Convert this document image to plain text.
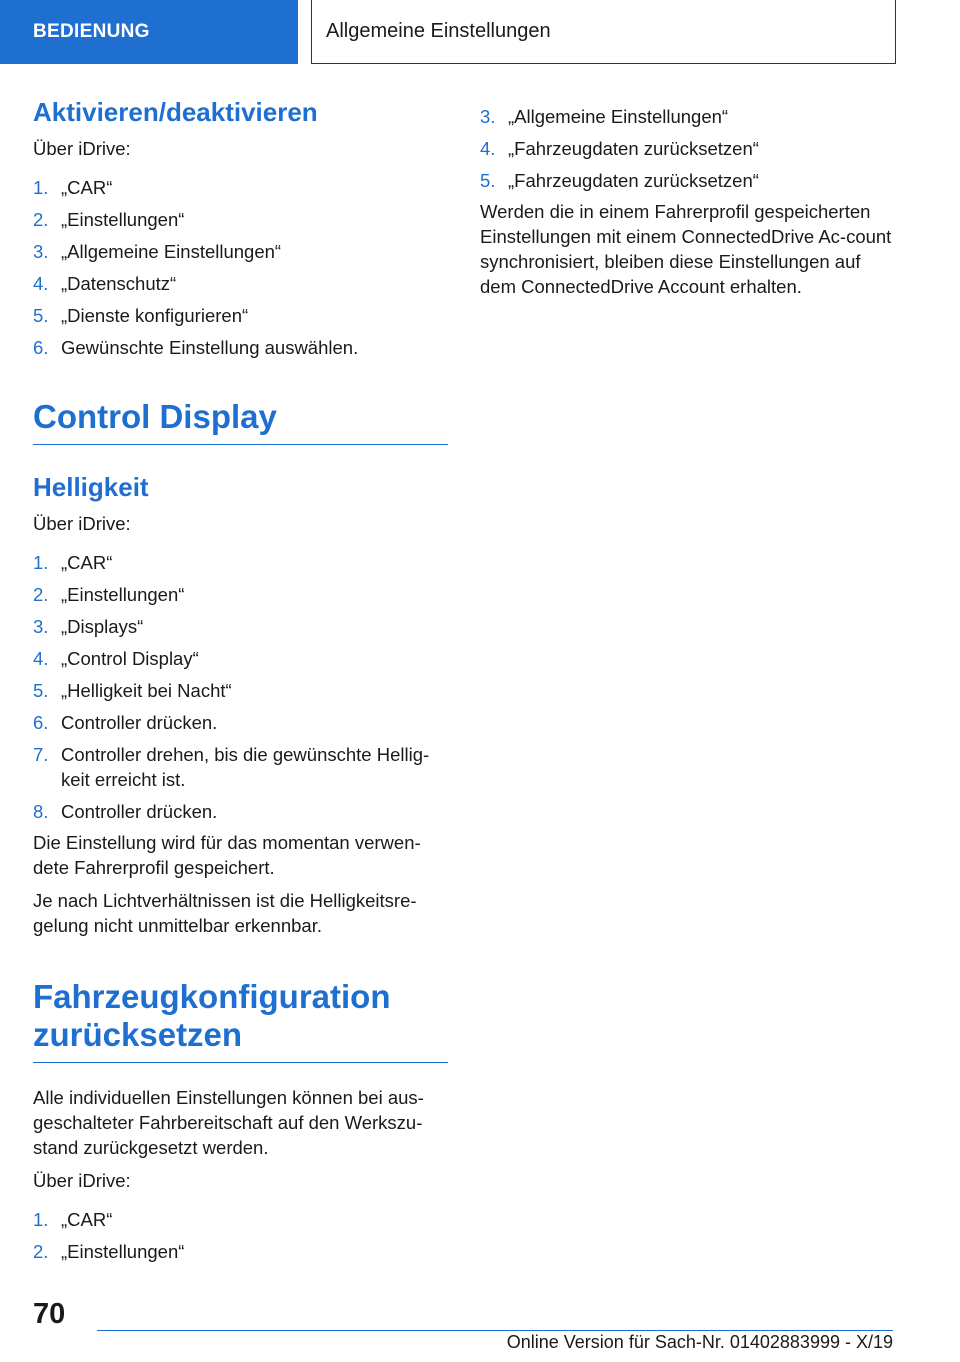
BEDIENUNG	Allgemeine Einstellungen
Aktivieren/deaktivieren

Über iDrive:

1. „CAR“
2. „Einstellungen“
3. „Allgemeine Einstellungen“
4. „Datenschutz“
5. „Dienste konfigurieren“
6. Gewünschte Einstellung auswählen.
Control Display
Helligkeit

Über iDrive:

1. „CAR“
2. „Einstellungen“
3. „Displays“
4. „Control Display“
5. „Helligkeit bei Nacht“
6. Controller drücken.
7. Controller drehen, bis die gewünschte Hellig‐keit erreicht ist.
8. Controller drücken.

Die Einstellung wird für das momentan verwen‐dete Fahrerprofil gespeichert.

Je nach Lichtverhältnissen ist die Helligkeitsre‐gelung nicht unmittelbar erkennbar.

Fahrzeugkonfiguration zurücksetzen

Alle individuellen Einstellungen können bei aus‐geschalteter Fahrbereitschaft auf den Werkszu‐stand zurückgesetzt werden.

Über iDrive:

1. „CAR“
2. „Einstellungen“
3. „Allgemeine Einstellungen“
4. „Fahrzeugdaten zurücksetzen“
5. „Fahrzeugdaten zurücksetzen“

Werden die in einem Fahrerprofil gespeicherten Einstellungen mit einem ConnectedDrive Ac‐count synchronisiert, bleiben diese Einstellungen auf dem ConnectedDrive Account erhalten.

70
Online Version für Sach-Nr. 01402883999 - X/19
